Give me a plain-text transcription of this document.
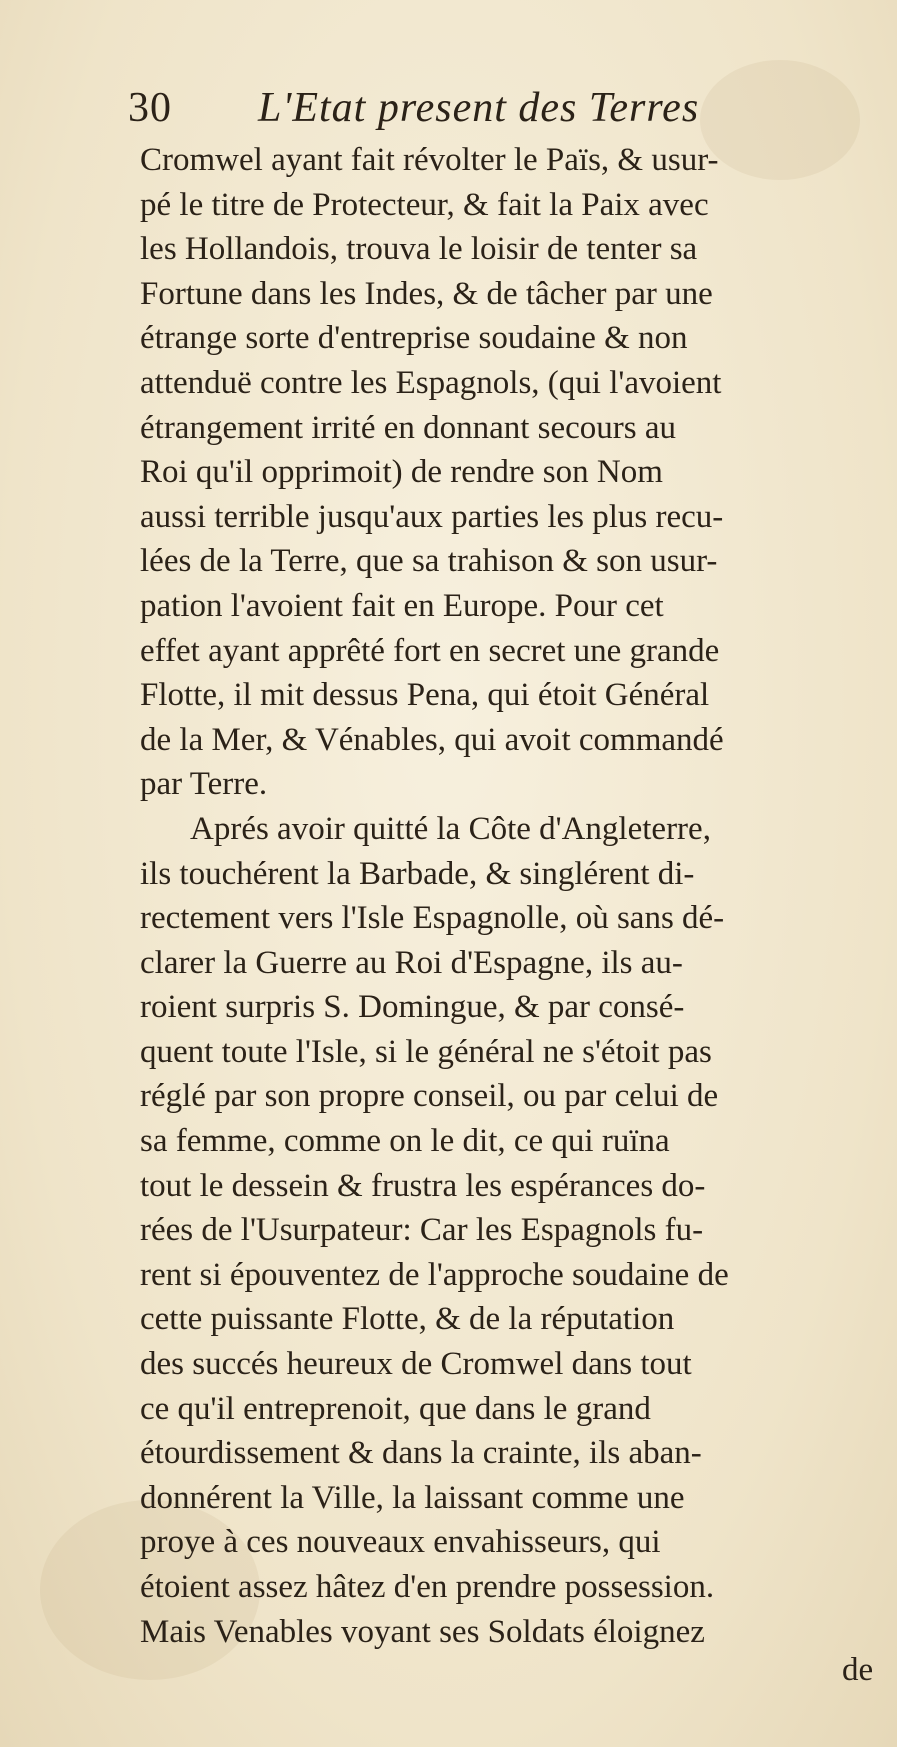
30 L'Etat present des Terres
Cromwel ayant fait révolter le Païs, & usur-
pé le titre de Protecteur, & fait la Paix avec
les Hollandois, trouva le loisir de tenter sa
Fortune dans les Indes, & de tâcher par une
étrange sorte d'entreprise soudaine & non
attenduë contre les Espagnols, (qui l'avoient
étrangement irrité en donnant secours au
Roi qu'il opprimoit) de rendre son Nom
aussi terrible jusqu'aux parties les plus recu-
lées de la Terre, que sa trahison & son usur-
pation l'avoient fait en Europe. Pour cet
effet ayant apprêté fort en secret une grande
Flotte, il mit dessus Pena, qui étoit Général
de la Mer, & Vénables, qui avoit commandé
par Terre.
Aprés avoir quitté la Côte d'Angleterre,
ils touchérent la Barbade, & singlérent di-
rectement vers l'Isle Espagnolle, où sans dé-
clarer la Guerre au Roi d'Espagne, ils au-
roient surpris S. Domingue, & par consé-
quent toute l'Isle, si le général ne s'étoit pas
réglé par son propre conseil, ou par celui de
sa femme, comme on le dit, ce qui ruïna
tout le dessein & frustra les espérances do-
rées de l'Usurpateur: Car les Espagnols fu-
rent si épouventez de l'approche soudaine de
cette puissante Flotte, & de la réputation
des succés heureux de Cromwel dans tout
ce qu'il entreprenoit, que dans le grand
étourdissement & dans la crainte, ils aban-
donnérent la Ville, la laissant comme une
proye à ces nouveaux envahisseurs, qui
étoient assez hâtez d'en prendre possession.
Mais Venables voyant ses Soldats éloignez
de
